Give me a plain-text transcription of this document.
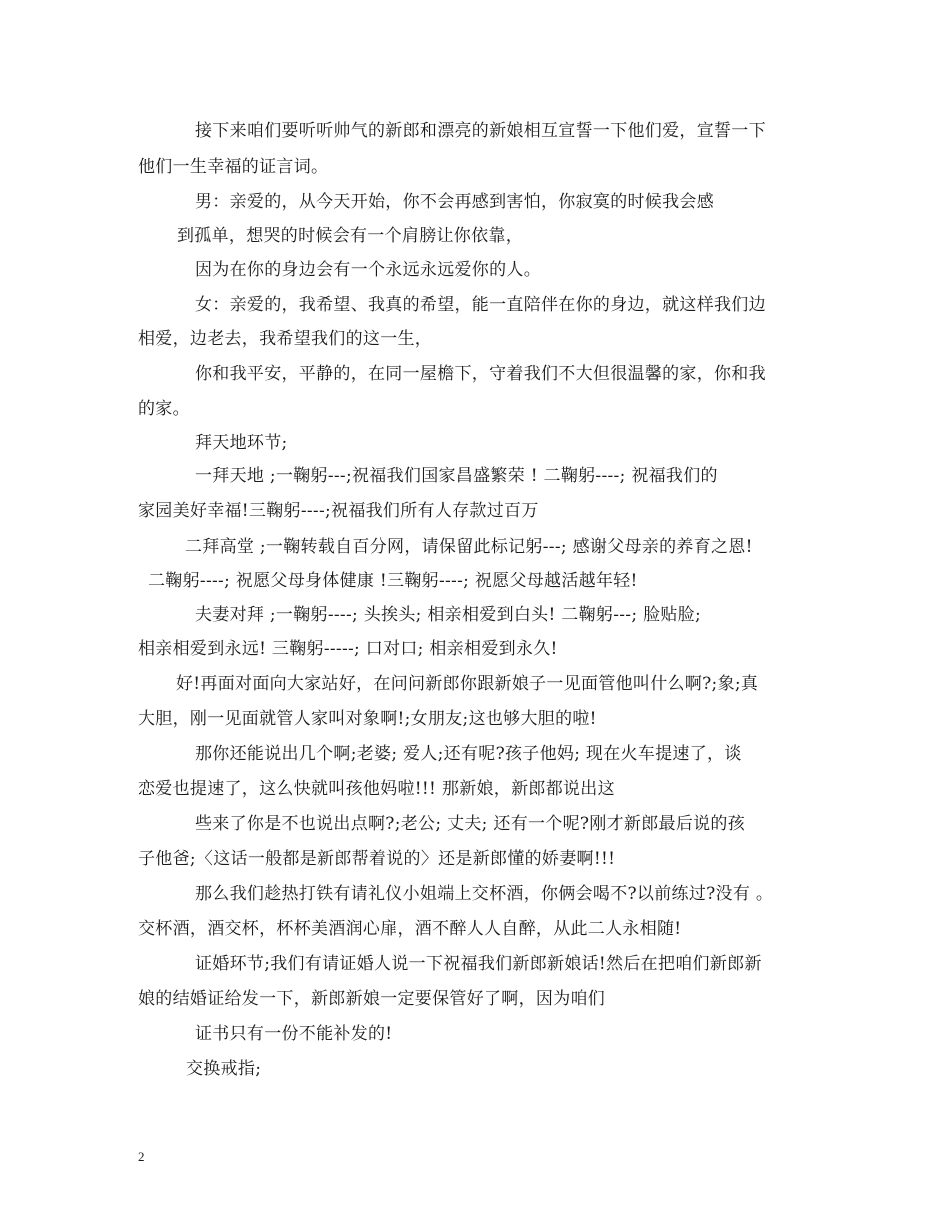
接下来咱们要听听帅气的新郎和漂亮的新娘相互宣誓一下他们爱，宣誓一下
他们一生幸福的证言词。
男：亲爱的，从今天开始，你不会再感到害怕，你寂寞的时候我会感
到孤单，想哭的时候会有一个肩膀让你依靠，
因为在你的身边会有一个永远永远爱你的人。
女：亲爱的，我希望、我真的希望，能一直陪伴在你的身边，就这样我们边
相爱，边老去，我希望我们的这一生，
你和我平安，平静的，在同一屋檐下，守着我们不大但很温馨的家，你和我
的家。
拜天地环节;
一拜天地 ;一鞠躬---;祝福我们国家昌盛繁荣 ! 二鞠躬----; 祝福我们的
家园美好幸福!三鞠躬----;祝福我们所有人存款过百万
二拜高堂 ;一鞠转载自百分网，请保留此标记躬---; 感谢父母亲的养育之恩!
二鞠躬----; 祝愿父母身体健康 !三鞠躬----; 祝愿父母越活越年轻!
夫妻对拜 ;一鞠躬----; 头挨头; 相亲相爱到白头! 二鞠躬---; 脸贴脸;
相亲相爱到永远! 三鞠躬-----; 口对口; 相亲相爱到永久!
好!再面对面向大家站好，在问问新郎你跟新娘子一见面管他叫什么啊?;象;真
大胆，刚一见面就管人家叫对象啊!;女朋友;这也够大胆的啦!
那你还能说出几个啊;老婆; 爱人;还有呢?孩子他妈; 现在火车提速了，谈
恋爱也提速了，这么快就叫孩他妈啦!!! 那新娘，新郎都说出这
些来了你是不也说出点啊?;老公; 丈夫; 还有一个呢?刚才新郎最后说的孩
子他爸;〈这话一般都是新郎帮着说的〉还是新郎懂的娇妻啊!!!
那么我们趁热打铁有请礼仪小姐端上交杯酒，你俩会喝不?以前练过?没有 。
交杯酒，酒交杯，杯杯美酒润心扉，酒不醉人人自醉，从此二人永相随!
证婚环节;我们有请证婚人说一下祝福我们新郎新娘话!然后在把咱们新郎新
娘的结婚证给发一下，新郎新娘一定要保管好了啊，因为咱们
证书只有一份不能补发的!
交换戒指;
2
